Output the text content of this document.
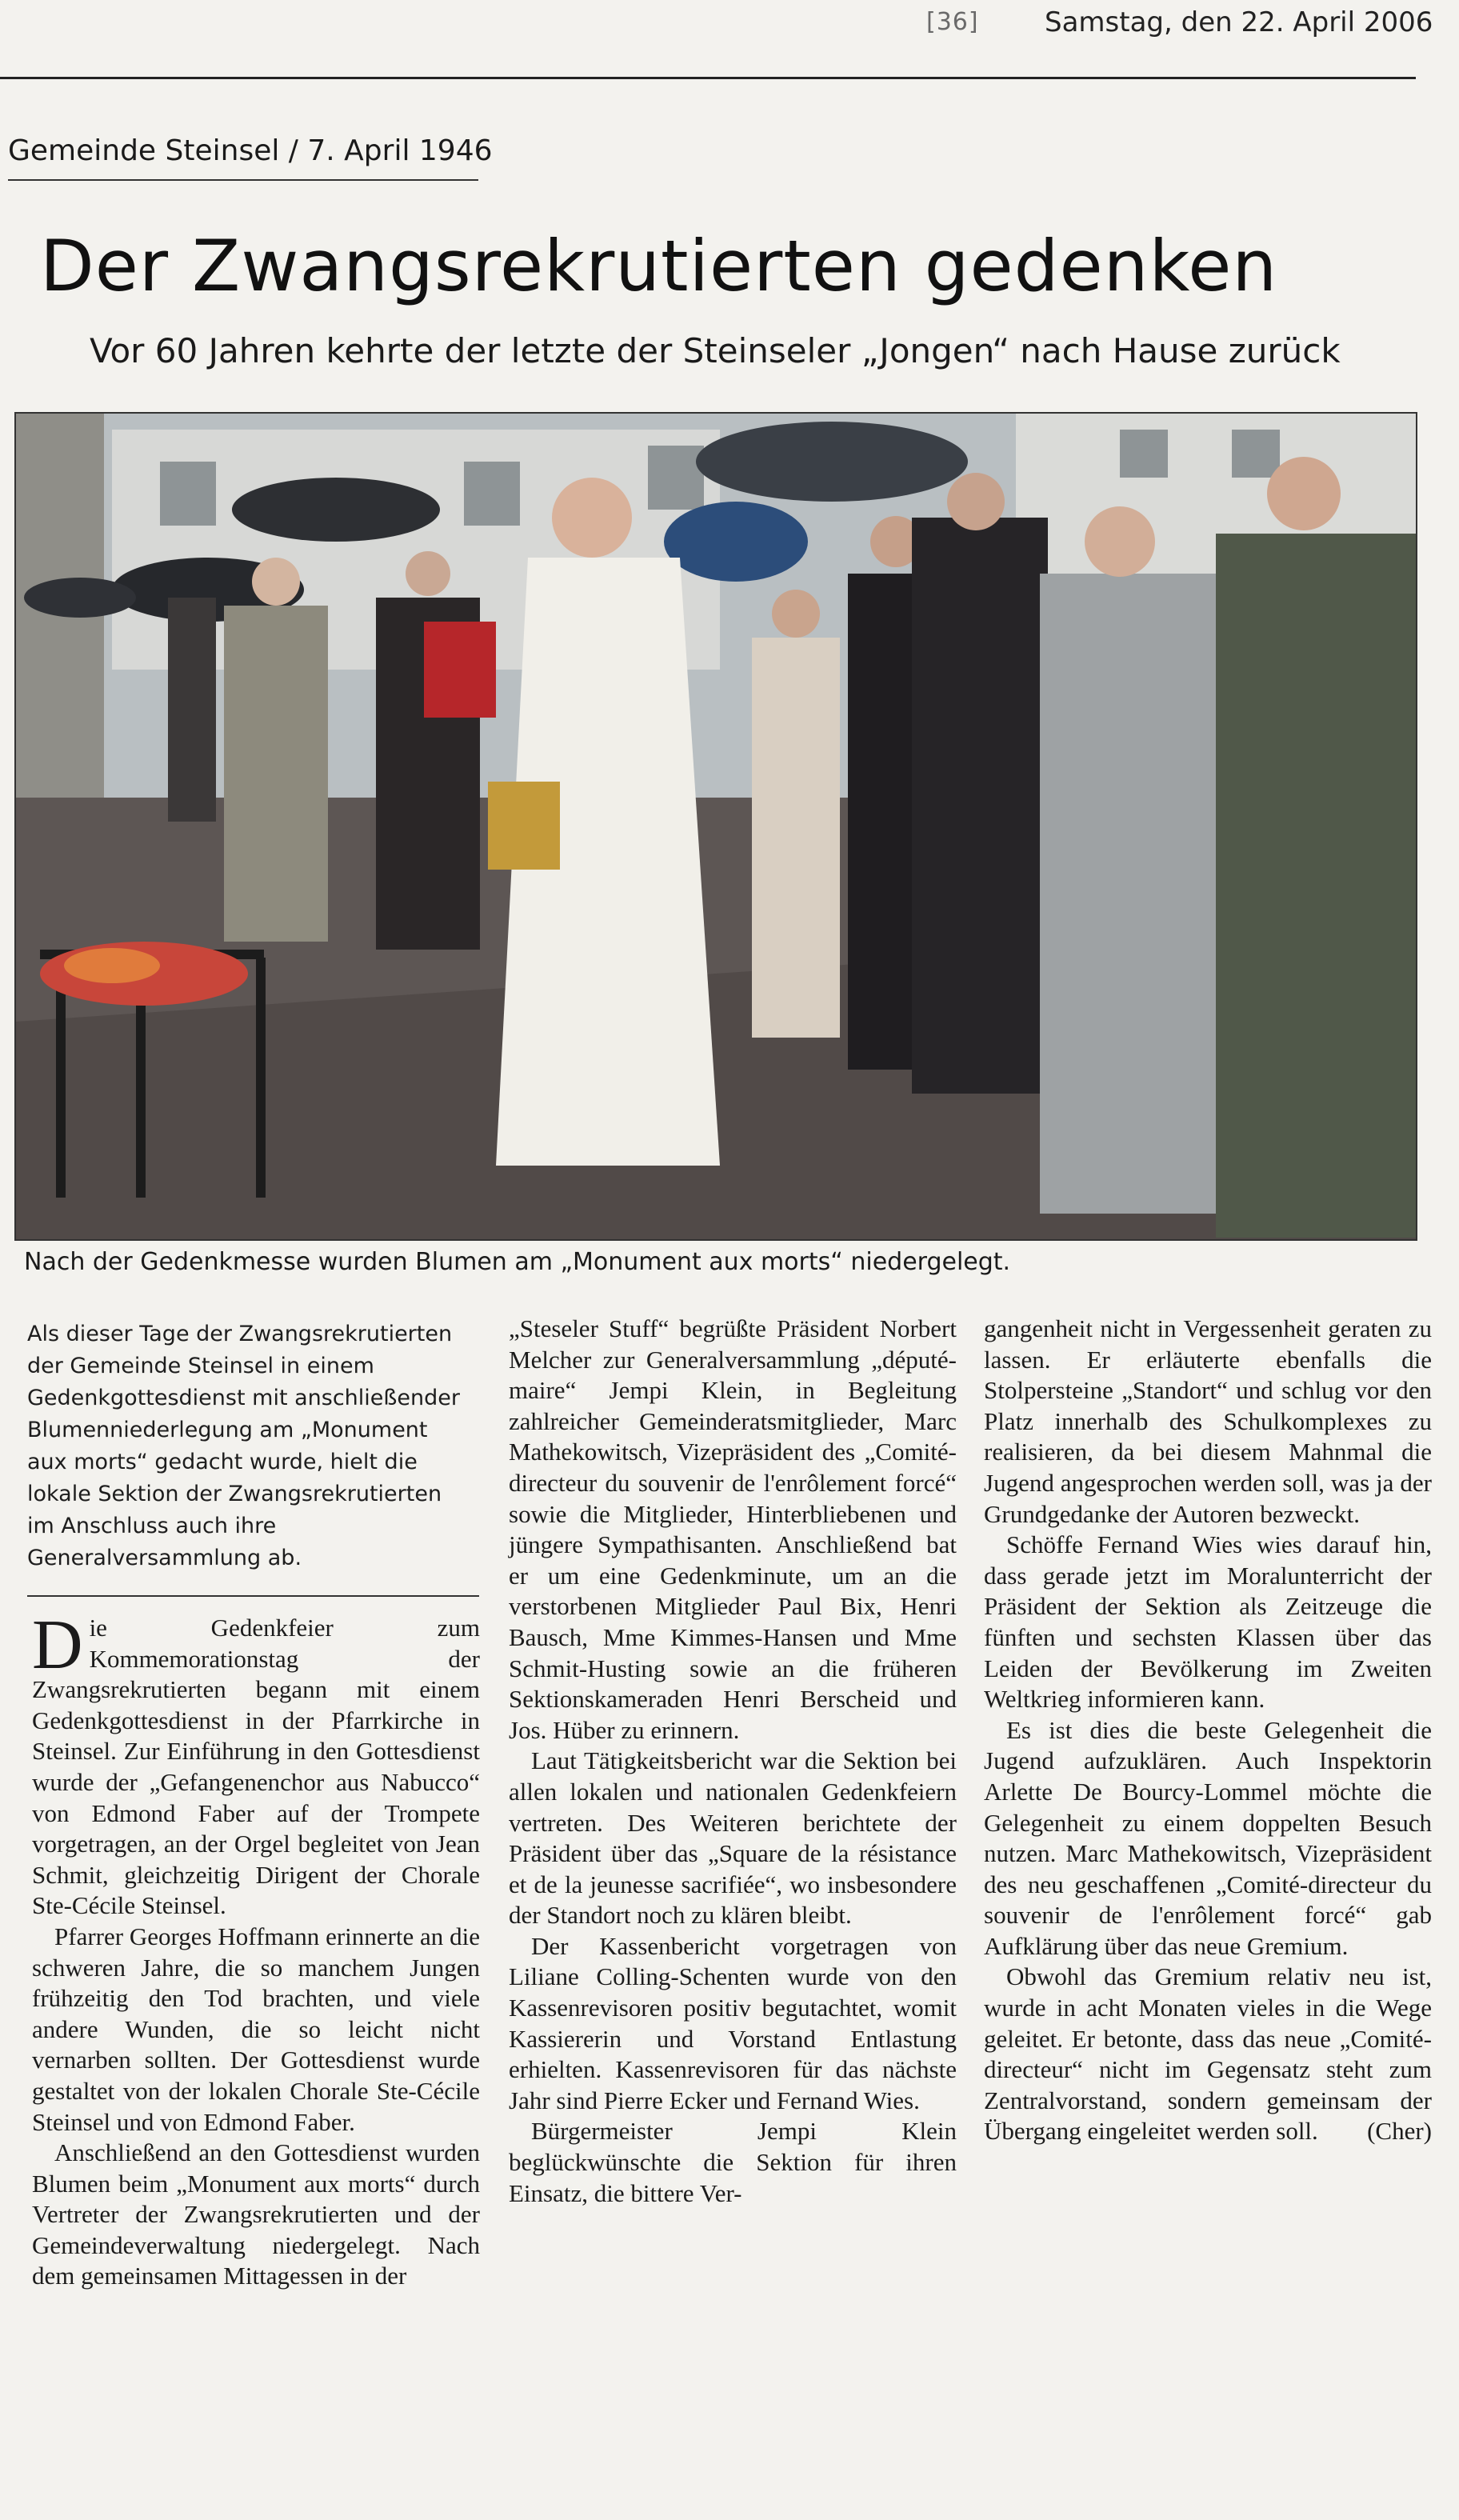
[36] Samstag, den 22. April 2006
Gemeinde Steinsel / 7. April 1946
Der Zwangsrekrutierten gedenken
Vor 60 Jahren kehrte der letzte der Steinseler „Jongen“ nach Hause zurück
Nach der Gedenkmesse wurden Blumen am „Monument aux morts“ niedergelegt.
Als dieser Tage der Zwangsrekrutierten der Gemeinde Steinsel in einem Gedenkgottesdienst mit anschließender Blumenniederlegung am „Monument aux morts“ gedacht wurde, hielt die lokale Sektion der Zwangsrekrutierten im Anschluss auch ihre Generalversammlung ab.

Die Gedenkfeier zum Kommemorationstag der Zwangsrekrutierten begann mit einem Gedenkgottesdienst in der Pfarrkirche in Steinsel. Zur Einführung in den Gottesdienst wurde der „Gefangenenchor aus Nabucco“ von Edmond Faber auf der Trompete vorgetragen, an der Orgel begleitet von Jean Schmit, gleichzeitig Dirigent der Chorale Ste-Cécile Steinsel.

Pfarrer Georges Hoffmann erinnerte an die schweren Jahre, die so manchem Jungen frühzeitig den Tod brachten, und viele andere Wunden, die so leicht nicht vernarben sollten. Der Gottesdienst wurde gestaltet von der lokalen Chorale Ste-Cécile Steinsel und von Edmond Faber.

Anschließend an den Gottesdienst wurden Blumen beim „Monument aux morts“ durch Vertreter der Zwangsrekrutierten und der Gemeindeverwaltung niedergelegt. Nach dem gemeinsamen Mittagessen in der

„Steseler Stuff“ begrüßte Präsident Norbert Melcher zur Generalversammlung „député-maire“ Jempi Klein, in Begleitung zahlreicher Gemeinderatsmitglieder, Marc Mathekowitsch, Vizepräsident des „Comité-directeur du souvenir de l'enrôlement forcé“ sowie die Mitglieder, Hinterbliebenen und jüngere Sympathisanten. Anschließend bat er um eine Gedenkminute, um an die verstorbenen Mitglieder Paul Bix, Henri Bausch, Mme Kimmes-Hansen und Mme Schmit-Husting sowie an die früheren Sektionskameraden Henri Berscheid und Jos. Hüber zu erinnern.

Laut Tätigkeitsbericht war die Sektion bei allen lokalen und nationalen Gedenkfeiern vertreten. Des Weiteren berichtete der Präsident über das „Square de la résistance et de la jeunesse sacrifiée“, wo insbesondere der Standort noch zu klären bleibt.

Der Kassenbericht vorgetragen von Liliane Colling-Schenten wurde von den Kassenrevisoren positiv begutachtet, womit Kassiererin und Vorstand Entlastung erhielten. Kassenrevisoren für das nächste Jahr sind Pierre Ecker und Fernand Wies.

Bürgermeister Jempi Klein beglückwünschte die Sektion für ihren Einsatz, die bittere Ver-

gangenheit nicht in Vergessenheit geraten zu lassen. Er erläuterte ebenfalls die Stolpersteine „Standort“ und schlug vor den Platz innerhalb des Schulkomplexes zu realisieren, da bei diesem Mahnmal die Jugend angesprochen werden soll, was ja der Grundgedanke der Autoren bezweckt.

Schöffe Fernand Wies wies darauf hin, dass gerade jetzt im Moralunterricht der Präsident der Sektion als Zeitzeuge die fünften und sechsten Klassen über das Leiden der Bevölkerung im Zweiten Weltkrieg informieren kann.

Es ist dies die beste Gelegenheit die Jugend aufzuklären. Auch Inspektorin Arlette De Bourcy-Lommel möchte die Gelegenheit zu einem doppelten Besuch nutzen. Marc Mathekowitsch, Vizepräsident des neu geschaffenen „Comité-directeur du souvenir de l'enrôlement forcé“ gab Aufklärung über das neue Gremium.

Obwohl das Gremium relativ neu ist, wurde in acht Monaten vieles in die Wege geleitet. Er betonte, dass das neue „Comité-directeur“ nicht im Gegensatz steht zum Zentralvorstand, sondern gemeinsam der Übergang eingeleitet werden soll.	(Cher)
